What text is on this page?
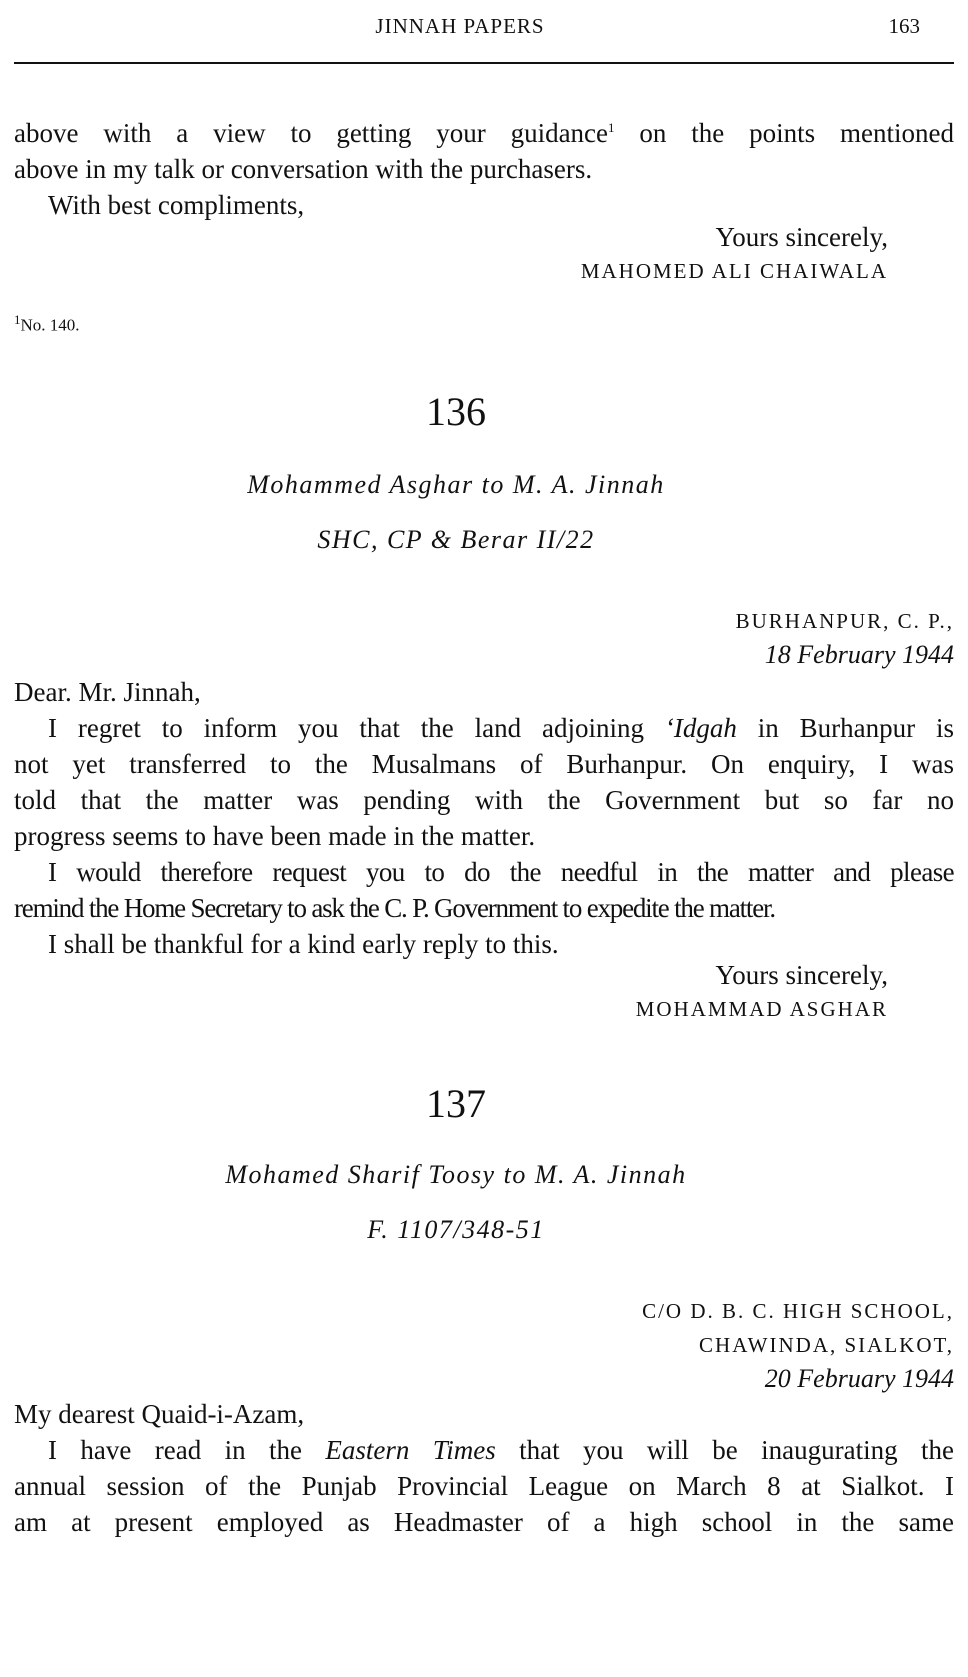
JINNAH PAPERS	163

above with a view to getting your guidance$^1$ on the points mentioned

above in my talk or conversation with the purchasers.

With best compliments,

Yours sincerely,
MAHOMED ALI CHAIWALA
$^1$No. 140.
136
Mohammed Asghar to M. A. Jinnah
SHC, CP & Berar II/22
BURHANPUR, C. P.,
18 February 1944

Dear. Mr. Jinnah,

I regret to inform you that the land adjoining ‘Idgah in Burhanpur is

not yet transferred to the Musalmans of Burhanpur. On enquiry, I was

told that the matter was pending with the Government but so far no

progress seems to have been made in the matter.

I would therefore request you to do the needful in the matter and please

remind the Home Secretary to ask the C. P. Government to expedite the matter.

I shall be thankful for a kind early reply to this.

Yours sincerely,
MOHAMMAD ASGHAR
137
Mohamed Sharif Toosy to M. A. Jinnah
F. 1107/348-51
C/O D. B. C. HIGH SCHOOL,
CHAWINDA, SIALKOT,
20 February 1944

My dearest Quaid-i-Azam,

I have read in the Eastern Times that you will be inaugurating the

annual session of the Punjab Provincial League on March 8 at Sialkot. I

am at present employed as Headmaster of a high school in the same
